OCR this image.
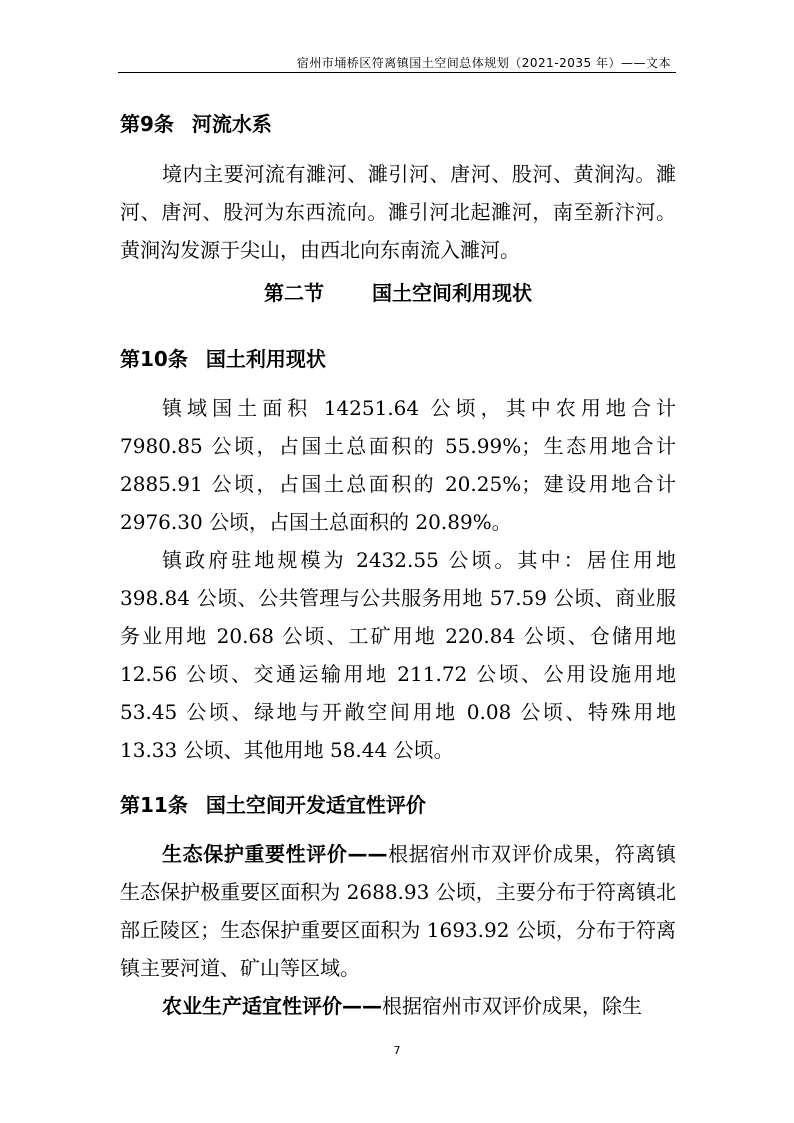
宿州市埇桥区符离镇国土空间总体规划（2021-2035 年）——文本
第9条 河流水系

境内主要河流有濉河、濉引河、唐河、股河、黄涧沟。濉河、唐河、股河为东西流向。濉引河北起濉河，南至新汴河。黄涧沟发源于尖山，由西北向东南流入濉河。

第二节 国土空间利用现状
第10条 国土利用现状

镇域国土面积 14251.64 公顷，其中农用地合计 7980.85 公顷，占国土总面积的 55.99%；生态用地合计 2885.91 公顷，占国土总面积的 20.25%；建设用地合计 2976.30 公顷，占国土总面积的 20.89%。

镇政府驻地规模为 2432.55 公顷。其中：居住用地 398.84 公顷、公共管理与公共服务用地 57.59 公顷、商业服务业用地 20.68 公顷、工矿用地 220.84 公顷、仓储用地 12.56 公顷、交通运输用地 211.72 公顷、公用设施用地 53.45 公顷、绿地与开敞空间用地 0.08 公顷、特殊用地 13.33 公顷、其他用地 58.44 公顷。

第11条 国土空间开发适宜性评价

生态保护重要性评价——根据宿州市双评价成果，符离镇生态保护极重要区面积为 2688.93 公顷，主要分布于符离镇北部丘陵区；生态保护重要区面积为 1693.92 公顷，分布于符离镇主要河道、矿山等区域。

农业生产适宜性评价——根据宿州市双评价成果，除生

7
